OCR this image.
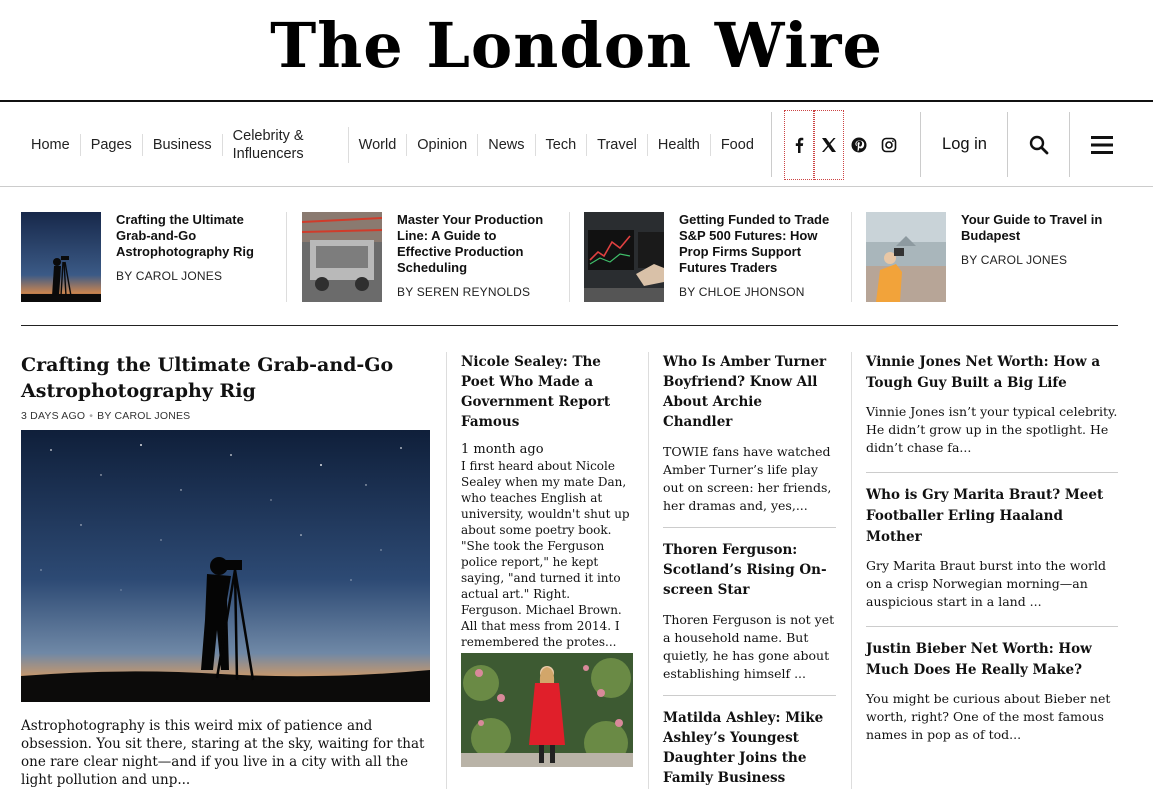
The London Wire
Home	Pages	Business
Celebrity & Influencers
World	Opinion	News	Tech	Travel	Health	Food	Log in
Crafting the Ultimate Grab-and-Go Astrophotography Rig
BY CAROL JONES
Master Your Production Line: A Guide to Effective Production Scheduling
BY SEREN REYNOLDS
Getting Funded to Trade S&P 500 Futures: How Prop Firms Support Futures Traders
BY CHLOE JHONSON
Your Guide to Travel in Budapest
BY CAROL JONES
Crafting the Ultimate Grab-and-Go Astrophotography Rig
3 DAYS AGO • BY CAROL JONES

Astrophotography is this weird mix of patience and obsession. You sit there, staring at the sky, waiting for that one rare clear night—and if you live in a city with all the light pollution and unp...

Nicole Sealey: The Poet Who Made a Government Report Famous
1 month ago

I first heard about Nicole Sealey when my mate Dan, who teaches English at university, wouldn't shut up about some poetry book. "She took the Ferguson police report," he kept saying, "and turned it into actual art." Right. Ferguson. Michael Brown. All that mess from 2014. I remembered the protes...

Who Is Amber Turner Boyfriend? Know All About Archie Chandler

TOWIE fans have watched Amber Turner’s life play out on screen: her friends, her dramas and, yes,...

Thoren Ferguson: Scotland’s Rising On-screen Star

Thoren Ferguson is not yet a household name. But quietly, he has gone about establishing himself ...

Matilda Ashley: Mike Ashley’s Youngest Daughter Joins the Family Business
Vinnie Jones Net Worth: How a Tough Guy Built a Big Life

Vinnie Jones isn’t your typical celebrity. He didn’t grow up in the spotlight. He didn’t chase fa...

Who is Gry Marita Braut? Meet Footballer Erling Haaland Mother

Gry Marita Braut burst into the world on a crisp Norwegian morning—an auspicious start in a land ...

Justin Bieber Net Worth: How Much Does He Really Make?

You might be curious about Bieber net worth, right? One of the most famous names in pop as of tod...
